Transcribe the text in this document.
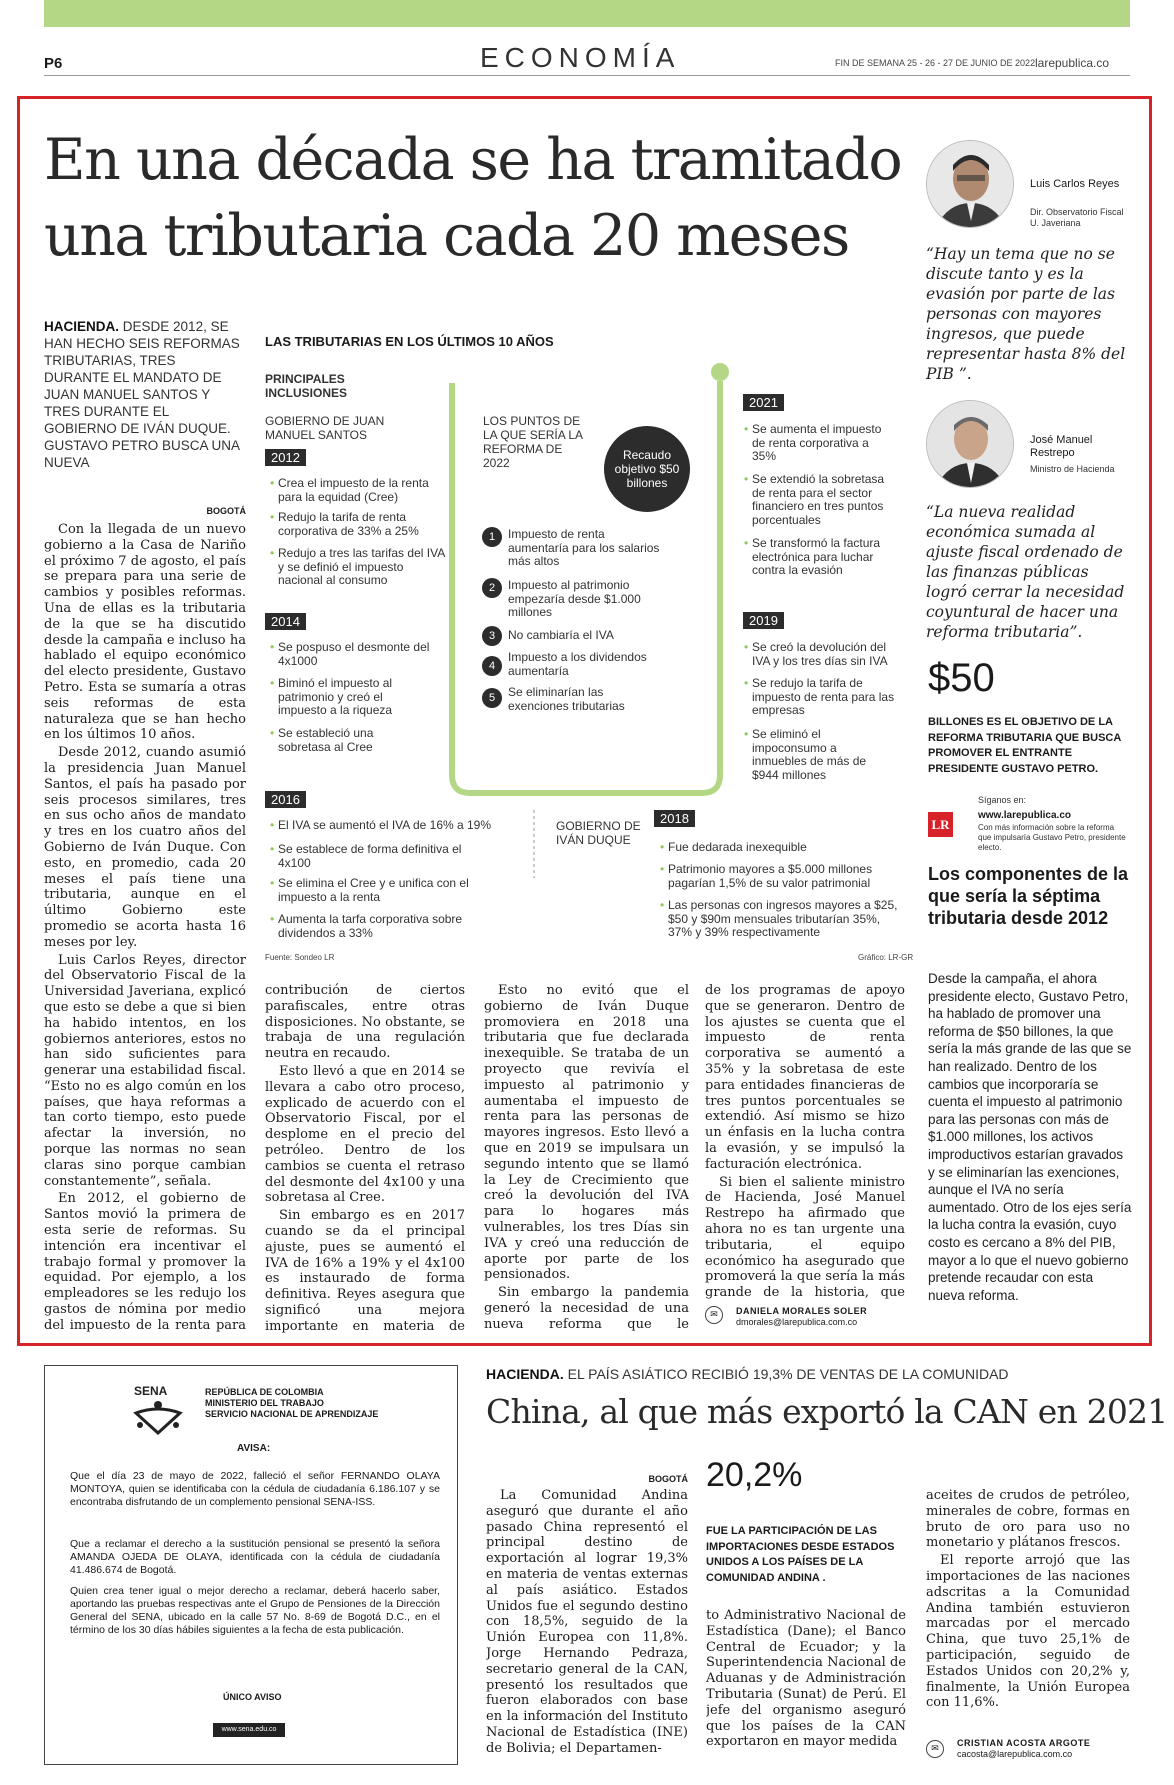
P6	ECONOMÍA	FIN DE SEMANA 25 - 26 - 27 DE JUNIO DE 2022 larepublica.co
En una década se ha tramitado
una tributaria cada 20 meses
HACIENDA. DESDE 2012, SE HAN HECHO SEIS REFORMAS TRIBUTARIAS, TRES DURANTE EL MANDATO DE JUAN MANUEL SANTOS Y TRES DURANTE EL GOBIERNO DE IVÁN DUQUE. GUSTAVO PETRO BUSCA UNA NUEVA
BOGOTÁ

Con la llegada de un nuevo gobierno a la Casa de Nariño el próximo 7 de agosto, el país se prepara para una serie de cambios y posibles reformas. Una de ellas es la tributaria de la que se ha discutido desde la campaña e incluso ha hablado el equipo económico del electo presidente, Gustavo Petro. Esta se sumaría a otras seis reformas de esta naturaleza que se han hecho en los últimos 10 años.

Desde 2012, cuando asumió la presidencia Juan Manuel Santos, el país ha pasado por seis procesos similares, tres en sus ocho años de mandato y tres en los cuatro años del Gobierno de Iván Duque. Con esto, en promedio, cada 20 meses el país tiene una tributaria, aunque en el último Gobierno este promedio se acorta hasta 16 meses por ley.

Luis Carlos Reyes, director del Observatorio Fiscal de la Universidad Javeriana, explicó que esto se debe a que si bien ha habido intentos, en los gobiernos anteriores, estos no han sido suficientes para generar una estabilidad fiscal. “Esto no es algo común en los países, que haya reformas a tan corto tiempo, esto puede afectar la inversión, no porque las normas no sean claras sino porque cambian constantemente”, señala.

En 2012, el gobierno de Santos movió la primera de esta serie de reformas. Su intención era incentivar el trabajo formal y promover la equidad. Por ejemplo, a los empleadores se les redujo los gastos de nómina por medio del impuesto de la renta para

contribución de ciertos parafiscales, entre otras disposiciones. No obstante, se trabaja de una regulación neutra en recaudo.

Esto llevó a que en 2014 se llevara a cabo otro proceso, explicado de acuerdo con el Observatorio Fiscal, por el desplome en el precio del petróleo. Dentro de los cambios se cuenta el retraso del desmonte del 4x100 y una sobretasa al Cree.

Sin embargo es en 2017 cuando se da el principal ajuste, pues se aumentó el IVA de 16% a 19% y el 4x100 es instaurado de forma definitiva. Reyes asegura que significó una mejora importante en materia de

Esto no evitó que el gobierno de Iván Duque promoviera en 2018 una tributaria que fue declarada inexequible. Se trataba de un proyecto que revivía el impuesto al patrimonio y aumentaba el impuesto de renta para las personas de mayores ingresos. Esto llevó a que en 2019 se impulsara un segundo intento que se llamó la Ley de Crecimiento que creó la devolución del IVA para lo hogares más vulnerables, los tres Días sin IVA y creó una reducción de aporte por parte de los pensionados.

Sin embargo la pandemia generó la necesidad de una nueva reforma que le

de los programas de apoyo que se generaron. Dentro de los ajustes se cuenta que el impuesto de renta corporativa se aumentó a 35% y la sobretasa de este para entidades financieras de tres puntos porcentuales se extendió. Así mismo se hizo un énfasis en la lucha contra la evasión, y se impulsó la facturación electrónica.

Si bien el saliente ministro de Hacienda, José Manuel Restrepo ha afirmado que ahora no es tan urgente una tributaria, el equipo económico ha asegurado que promoverá la que sería la más grande de la historia, que

✉	DANIELA MORALES SOLER
dmorales@larepublica.com.co
LAS TRIBUTARIAS EN LOS ÚLTIMOS 10 AÑOS
PRINCIPALES INCLUSIONES
GOBIERNO DE JUAN MANUEL SANTOS
LOS PUNTOS DE LA QUE SERÍA LA REFORMA DE 2022
Recaudo objetivo $50 billones
2012
• Crea el impuesto de la renta para la equidad (Cree)
• Redujo la tarifa de renta corporativa de 33% a 25%
• Redujo a tres las tarifas del IVA y se definió el impuesto nacional al consumo
2014
• Se pospuso el desmonte del 4x1000
• Biminó el impuesto al patrimonio y creó el impuesto a la riqueza
• Se estableció una sobretasa al Cree
2016
• El IVA se aumentó el IVA de 16% a 19%
• Se establece de forma definitiva el 4x100
• Se elimina el Cree y e unifica con el impuesto a la renta
• Aumenta la tarfa corporativa sobre dividendos a 33%
1	Impuesto de renta aumentaría para los salarios más altos
2	Impuesto al patrimonio empezaría desde $1.000 millones
3	No cambiaría el IVA
4
Impuesto a los dividendos aumentaría
5	Se eliminarían las exenciones tributarias
2021
• Se aumenta el impuesto de renta corporativa a 35%
• Se extendió la sobretasa de renta para el sector financiero en tres puntos porcentuales
• Se transformó la factura electrónica para luchar contra la evasión
2019
• Se creó la devolución del IVA y los tres días sin IVA
• Se redujo la tarifa de impuesto de renta para las empresas
• Se eliminó el impoconsumo a inmuebles de más de $944 millones
GOBIERNO DE IVÁN DUQUE
2018
• Fue dedarada inexequible
• Patrimonio mayores a $5.000 millones pagarían 1,5% de su valor patrimonial
• Las personas con ingresos mayores a $25, $50 y $90m mensuales tributarían 35%, 37% y 39% respectivamente
Fuente: Sondeo LR	Gráfico: LR-GR
Luis Carlos Reyes
Dir. Observatorio Fiscal U. Javeriana
“Hay un tema que no se discute tanto y es la evasión por parte de las personas con mayores ingresos, que puede representar hasta 8% del PIB ”.
José Manuel Restrepo
Ministro de Hacienda
“La nueva realidad económica sumada al ajuste fiscal ordenado de las finanzas públicas logró cerrar la necesidad coyuntural de hacer una reforma tributaria”.
$50
BILLONES ES EL OBJETIVO DE LA REFORMA TRIBUTARIA QUE BUSCA PROMOVER EL ENTRANTE PRESIDENTE GUSTAVO PETRO.
LR
Síganos en:
www.larepublica.co
Con más información sobre la reforma que impulsaría Gustavo Petro, presidente electo.
Los componentes de la que sería la séptima tributaria desde 2012
Desde la campaña, el ahora presidente electo, Gustavo Petro, ha hablado de promover una reforma de $50 billones, la que sería la más grande de las que se han realizado. Dentro de los cambios que incorporaría se cuenta el impuesto al patrimonio para las personas con más de $1.000 millones, los activos improductivos estarían gravados y se eliminarían las exenciones, aunque el IVA no sería aumentado. Otro de los ejes sería la lucha contra la evasión, cuyo costo es cercano a 8% del PIB, mayor a lo que el nuevo gobierno pretende recaudar con esta nueva reforma.
SENA	REPÚBLICA DE COLOMBIA
MINISTERIO DEL TRABAJO
SERVICIO NACIONAL DE APRENDIZAJE
AVISA:
Que el día 23 de mayo de 2022, falleció el señor FERNANDO OLAYA MONTOYA, quien se identificaba con la cédula de ciudadanía 6.186.107 y se encontraba disfrutando de un complemento pensional SENA-ISS.
Que a reclamar el derecho a la sustitución pensional se presentó la señora AMANDA OJEDA DE OLAYA, identificada con la cédula de ciudadanía 41.486.674 de Bogotá.
Quien crea tener igual o mejor derecho a reclamar, deberá hacerlo saber, aportando las pruebas respectivas ante el Grupo de Pensiones de la Dirección General del SENA, ubicado en la calle 57 No. 8-69 de Bogotá D.C., en el término de los 30 días hábiles siguientes a la fecha de esta publicación.
ÚNICO AVISO
www.sena.edu.co
HACIENDA. EL PAÍS ASIÁTICO RECIBIÓ 19,3% DE VENTAS DE LA COMUNIDAD
China, al que más exportó la CAN en 2021
BOGOTÁ

La Comunidad Andina aseguró que durante el año pasado China representó el principal destino de exportación al lograr 19,3% en materia de ventas externas al país asiático. Estados Unidos fue el segundo destino con 18,5%, seguido de la Unión Europea con 11,8%. Jorge Hernando Pedraza, secretario general de la CAN, presentó los resultados que fueron elaborados con base en la información del Instituto Nacional de Estadística (INE) de Bolivia; el Departamen-

20,2%
FUE LA PARTICIPACIÓN DE LAS IMPORTACIONES DESDE ESTADOS UNIDOS A LOS PAÍSES DE LA COMUNIDAD ANDINA .

to Administrativo Nacional de Estadística (Dane); el Banco Central de Ecuador; y la Superintendencia Nacional de Aduanas y de Administración Tributaria (Sunat) de Perú. El jefe del organismo aseguró que los países de la CAN exportaron en mayor medida

aceites de crudos de petróleo, minerales de cobre, formas en bruto de oro para uso no monetario y plátanos frescos.

El reporte arrojó que las importaciones de las naciones adscritas a la Comunidad Andina también estuvieron marcadas por el mercado China, que tuvo 25,1% de participación, seguido de Estados Unidos con 20,2% y, finalmente, la Unión Europea con 11,6%.

✉
CRISTIAN ACOSTA ARGOTE
cacosta@larepublica.com.co
